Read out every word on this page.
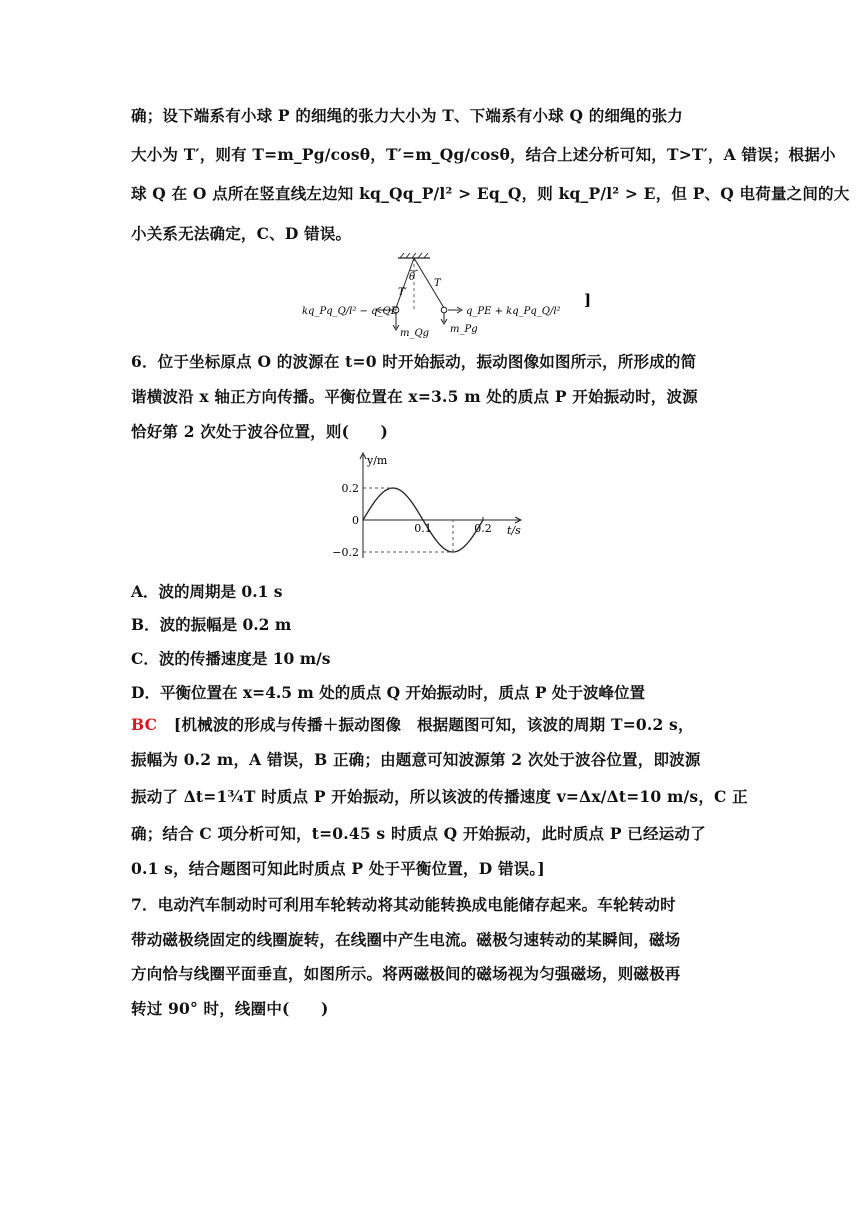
确；设下端系有小球 P 的细绳的张力大小为 T、下端系有小球 Q 的细绳的张力
大小为 T′，则有 T=m_Pg/cosθ，T′=m_Qg/cosθ，结合上述分析可知，T>T′，A 错误；根据小
球 Q 在 O 点所在竖直线左边知 kq_Qq_P/l² > Eq_Q，则 kq_P/l² > E，但 P、Q 电荷量之间的大
小关系无法确定，C、D 错误。
θ
T′
T
m_Qg m_Pg
kq_Pq_Q/l² − q_QE	q_PE + kq_Pq_Q/l²
]
6．位于坐标原点 O 的波源在 t=0 时开始振动，振动图像如图所示，所形成的简
谐横波沿 x 轴正方向传播。平衡位置在 x=3.5 m 处的质点 P 开始振动时，波源
恰好第 2 次处于波谷位置，则(　　)
y/m
t/s
0.2
0
−0.2
0.1	0.2
A．波的周期是 0.1 s
B．波的振幅是 0.2 m
C．波的传播速度是 10 m/s
D．平衡位置在 x=4.5 m 处的质点 Q 开始振动时，质点 P 处于波峰位置
BC [机械波的形成与传播＋振动图像　根据题图可知，该波的周期 T=0.2 s，
振幅为 0.2 m，A 错误，B 正确；由题意可知波源第 2 次处于波谷位置，即波源
振动了 Δt=1¾T 时质点 P 开始振动，所以该波的传播速度 v=Δx/Δt=10 m/s，C 正
确；结合 C 项分析可知，t=0.45 s 时质点 Q 开始振动，此时质点 P 已经运动了
0.1 s，结合题图可知此时质点 P 处于平衡位置，D 错误。]
7．电动汽车制动时可利用车轮转动将其动能转换成电能储存起来。车轮转动时
带动磁极绕固定的线圈旋转，在线圈中产生电流。磁极匀速转动的某瞬间，磁场
方向恰与线圈平面垂直，如图所示。将两磁极间的磁场视为匀强磁场，则磁极再
转过 90° 时，线圈中(　　)
